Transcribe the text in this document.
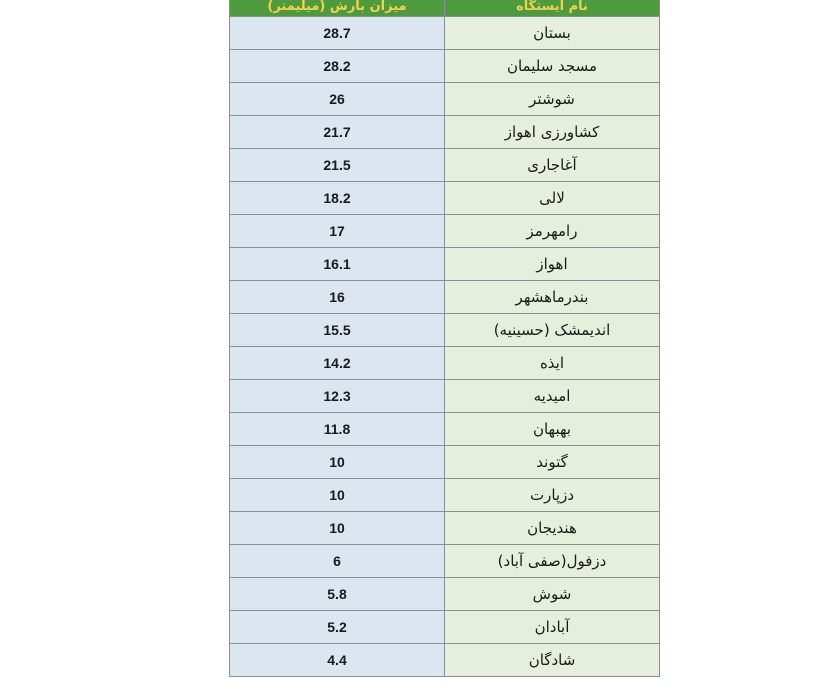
میزان بارش (میلیمتر)	نام ایستگاه
28.7	بستان
28.2	مسجد سلیمان
26	شوشتر
21.7	کشاورزی اهواز
21.5	آغاجاری
18.2	لالی
17	رامهرمز
16.1	اهواز
16	بندرماهشهر
15.5	اندیمشک (حسینیه)
14.2	ایذه
12.3	امیدیه
11.8	بهبهان
10	گتوند
10	دزپارت
10	هندیجان
6	دزفول(صفی آباد)
5.8	شوش
5.2	آبادان
4.4	شادگان
